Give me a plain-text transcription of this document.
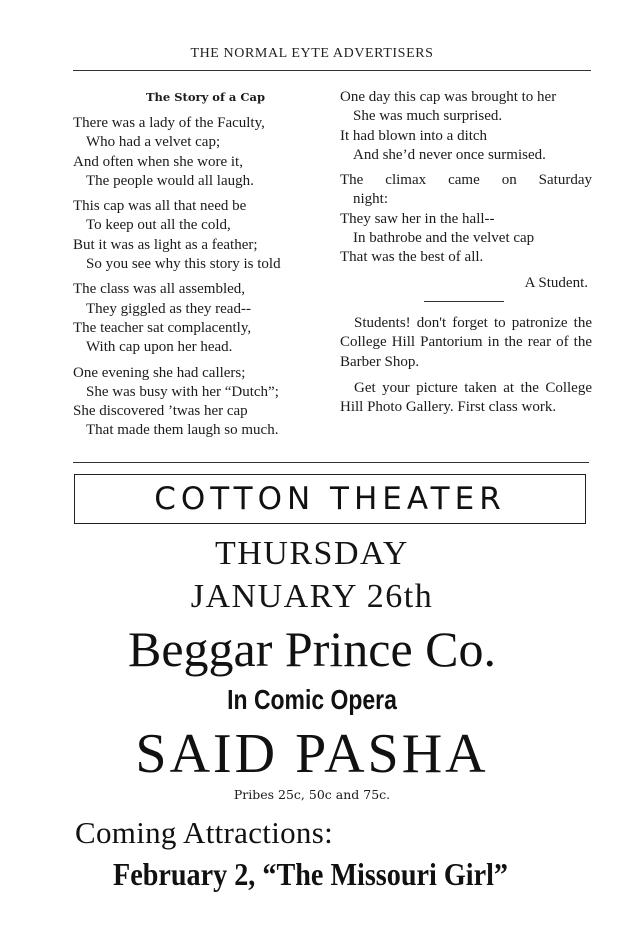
THE NORMAL EYTE ADVERTISERS
The Story of a Cap
There was a lady of the Faculty,
Who had a velvet cap;
And often when she wore it,
The people would all laugh.
This cap was all that need be
To keep out all the cold,
But it was as light as a feather;
So you see why this story is told
The class was all assembled,
They giggled as they read--
The teacher sat complacently,
With cap upon her head.
One evening she had callers;
She was busy with her “Dutch”;
She discovered ’twas her cap
That made them laugh so much.
One day this cap was brought to her
She was much surprised.
It had blown into a ditch
And she’d never once surmised.
The climax came on Saturday
night:
They saw her in the hall--
In bathrobe and the velvet cap
That was the best of all.
A Student.
Students! don't forget to patronize the College Hill Pantorium in the rear of the Barber Shop.
Get your picture taken at the College Hill Photo Gallery. First class work.
COTTON THEATER
THURSDAY
JANUARY 26th
Beggar Prince Co.
In Comic Opera
SAID PASHA
Pribes 25c, 50c and 75c.
Coming Attractions:
February 2, “The Missouri Girl”
